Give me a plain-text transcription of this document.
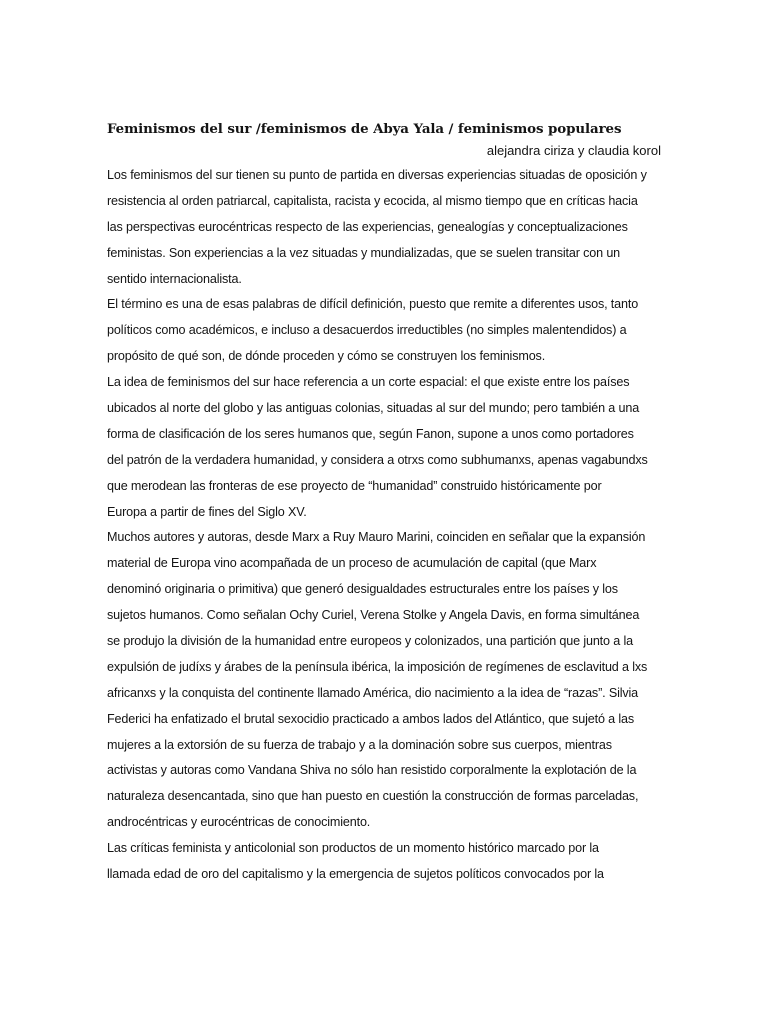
Feminismos del sur /feminismos de Abya Yala / feminismos populares
alejandra ciriza y claudia korol
Los feminismos del sur tienen su punto de partida en diversas experiencias situadas de oposición y
resistencia al orden patriarcal, capitalista, racista y ecocida, al mismo tiempo que en críticas hacia
las perspectivas eurocéntricas respecto de las experiencias, genealogías y conceptualizaciones
feministas. Son experiencias a la vez situadas y mundializadas, que se suelen transitar con un
sentido internacionalista.
El término es una de esas palabras de difícil definición, puesto que remite a diferentes usos, tanto
políticos como académicos, e incluso a desacuerdos irreductibles (no simples malentendidos) a
propósito de qué son, de dónde proceden y cómo se construyen los feminismos.
La idea de feminismos del sur hace referencia a un corte espacial: el que existe entre los países
ubicados al norte del globo y las antiguas colonias, situadas al sur del mundo; pero también a una
forma de clasificación de los seres humanos que, según Fanon, supone a unos como portadores
del patrón de la verdadera humanidad, y considera a otrxs como subhumanxs, apenas vagabundxs
que merodean las fronteras de ese proyecto de “humanidad” construido históricamente por
Europa a partir de fines del Siglo XV.
Muchos autores y autoras, desde Marx a Ruy Mauro Marini, coinciden en señalar que la expansión
material de Europa vino acompañada de un proceso de acumulación de capital (que Marx
denominó originaria o primitiva) que generó desigualdades estructurales entre los países y los
sujetos humanos. Como señalan Ochy Curiel, Verena Stolke y Angela Davis, en forma simultánea
se produjo la división de la humanidad entre europeos y colonizados, una partición que junto a la
expulsión de judíxs y árabes de la península ibérica, la imposición de regímenes de esclavitud a lxs
africanxs y la conquista del continente llamado América, dio nacimiento a la idea de “razas”. Silvia
Federici ha enfatizado el brutal sexocidio practicado a ambos lados del Atlántico, que sujetó a las
mujeres a la extorsión de su fuerza de trabajo y a la dominación sobre sus cuerpos, mientras
activistas y autoras como Vandana Shiva no sólo han resistido corporalmente la explotación de la
naturaleza desencantada, sino que han puesto en cuestión la construcción de formas parceladas,
androcéntricas y eurocéntricas de conocimiento.
Las críticas feminista y anticolonial son productos de un momento histórico marcado por la
llamada edad de oro del capitalismo y la emergencia de sujetos políticos convocados por la
